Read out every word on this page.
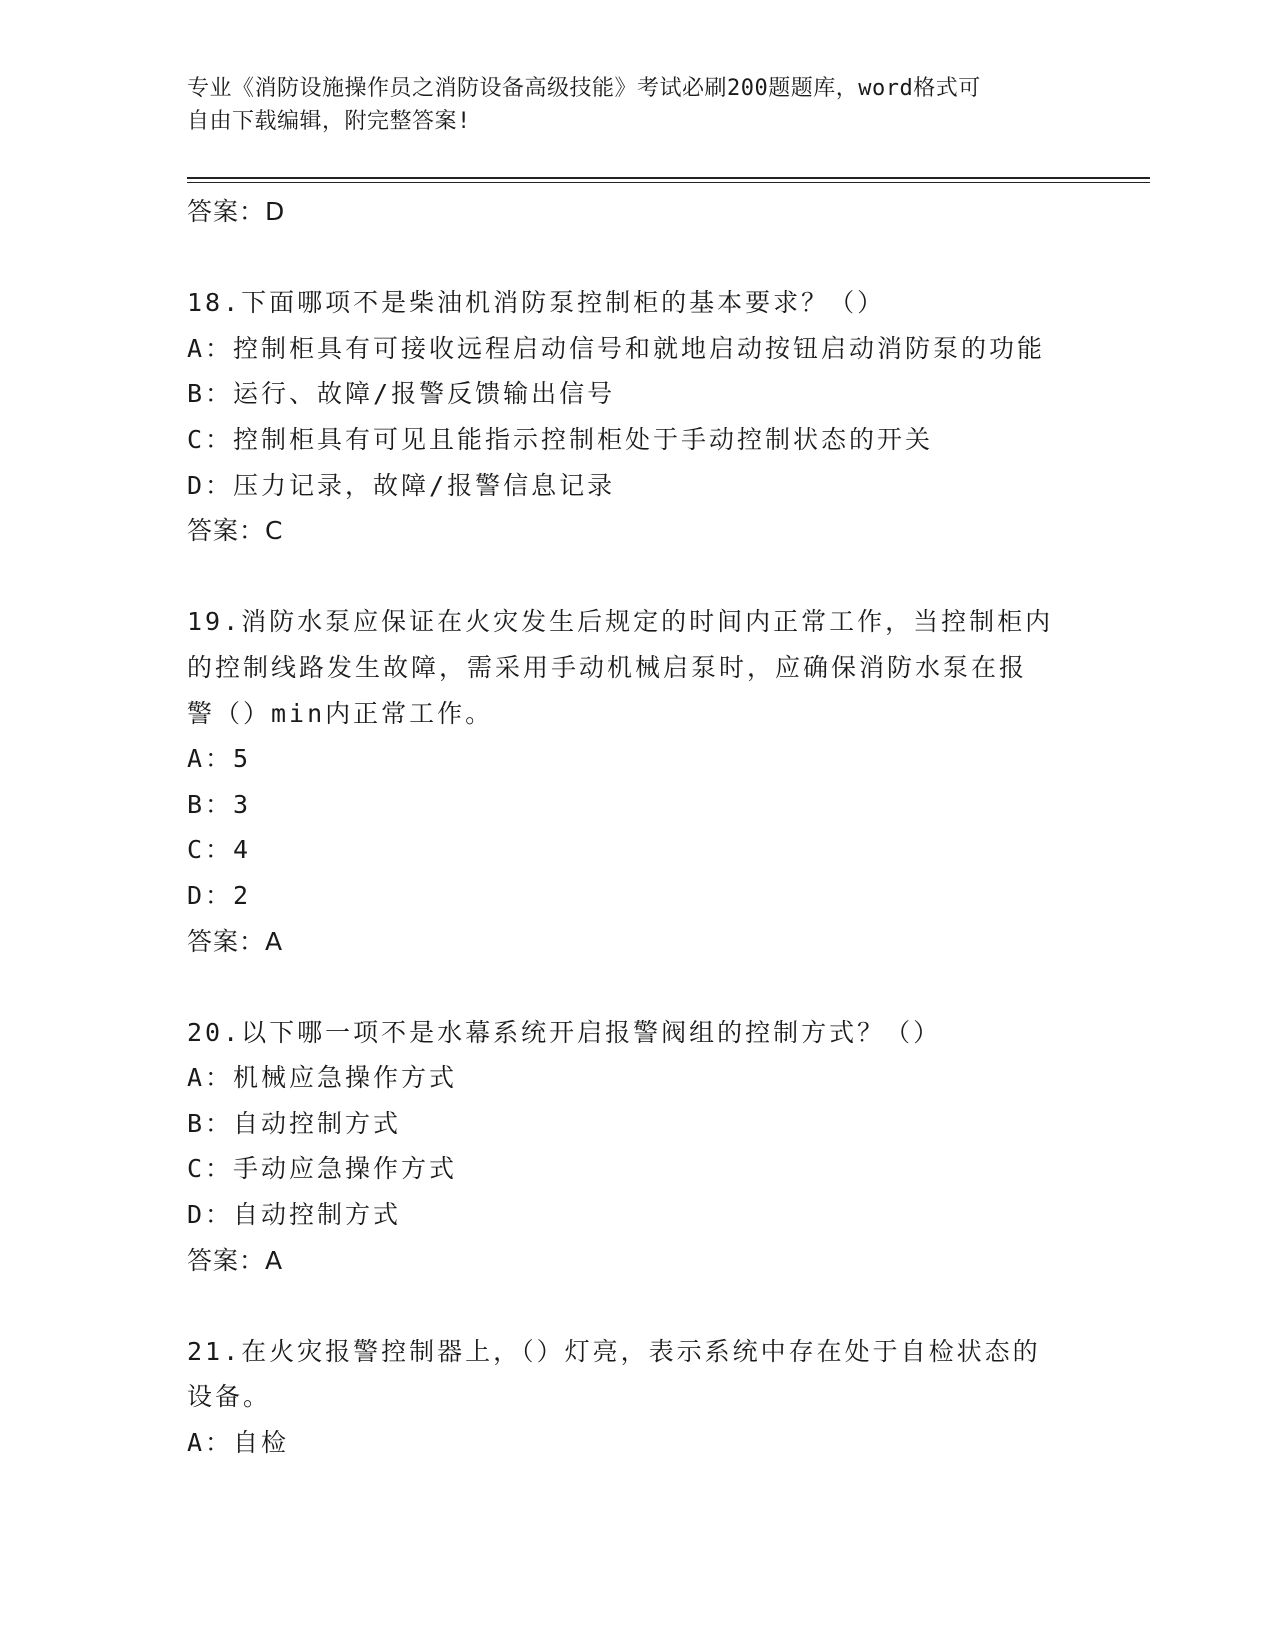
专业《消防设施操作员之消防设备高级技能》考试必刷200题题库，word格式可
自由下载编辑，附完整答案!
答案：D
18.下面哪项不是柴油机消防泵控制柜的基本要求？（）
A：控制柜具有可接收远程启动信号和就地启动按钮启动消防泵的功能
B：运行、故障/报警反馈输出信号
C：控制柜具有可见且能指示控制柜处于手动控制状态的开关
D：压力记录，故障/报警信息记录
答案：C
19.消防水泵应保证在火灾发生后规定的时间内正常工作，当控制柜内
的控制线路发生故障，需采用手动机械启泵时，应确保消防水泵在报
警（）min内正常工作。
A：5
B：3
C：4
D：2
答案：A
20.以下哪一项不是水幕系统开启报警阀组的控制方式？（）
A：机械应急操作方式
B：自动控制方式
C：手动应急操作方式
D：自动控制方式
答案：A
21.在火灾报警控制器上，（）灯亮，表示系统中存在处于自检状态的
设备。
A：自检
